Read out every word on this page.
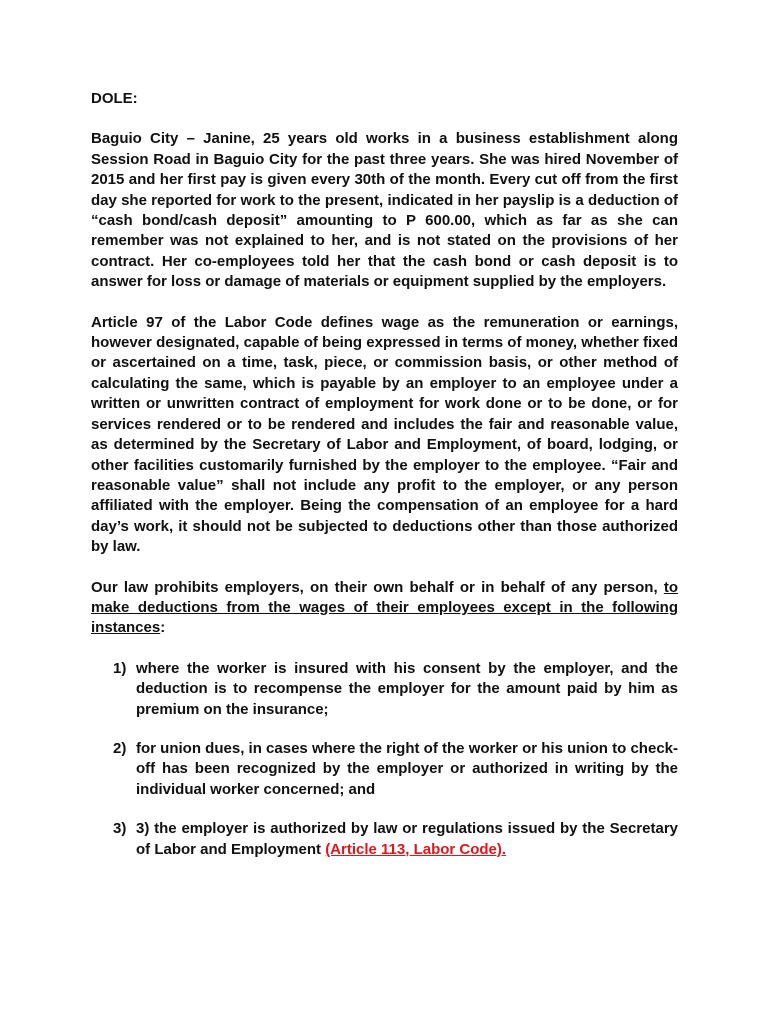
DOLE:

Baguio City – Janine, 25 years old works in a business establishment along Session Road in Baguio City for the past three years. She was hired November of 2015 and her first pay is given every 30th of the month. Every cut off from the first day she reported for work to the present, indicated in her payslip is a deduction of “cash bond/cash deposit” amounting to P 600.00, which as far as she can remember was not explained to her, and is not stated on the provisions of her contract. Her co-employees told her that the cash bond or cash deposit is to answer for loss or damage of materials or equipment supplied by the employers.

Article 97 of the Labor Code defines wage as the remuneration or earnings, however designated, capable of being expressed in terms of money, whether fixed or ascertained on a time, task, piece, or commission basis, or other method of calculating the same, which is payable by an employer to an employee under a written or unwritten contract of employment for work done or to be done, or for services rendered or to be rendered and includes the fair and reasonable value, as determined by the Secretary of Labor and Employment, of board, lodging, or other facilities customarily furnished by the employer to the employee. “Fair and reasonable value” shall not include any profit to the employer, or any person affiliated with the employer. Being the compensation of an employee for a hard day’s work, it should not be subjected to deductions other than those authorized by law.

Our law prohibits employers, on their own behalf or in behalf of any person, to make deductions from the wages of their employees except in the following instances:

1) where the worker is insured with his consent by the employer, and the deduction is to recompense the employer for the amount paid by him as premium on the insurance;
2) for union dues, in cases where the right of the worker or his union to check-off has been recognized by the employer or authorized in writing by the individual worker concerned; and
3) 3) the employer is authorized by law or regulations issued by the Secretary of Labor and Employment (Article 113, Labor Code).
